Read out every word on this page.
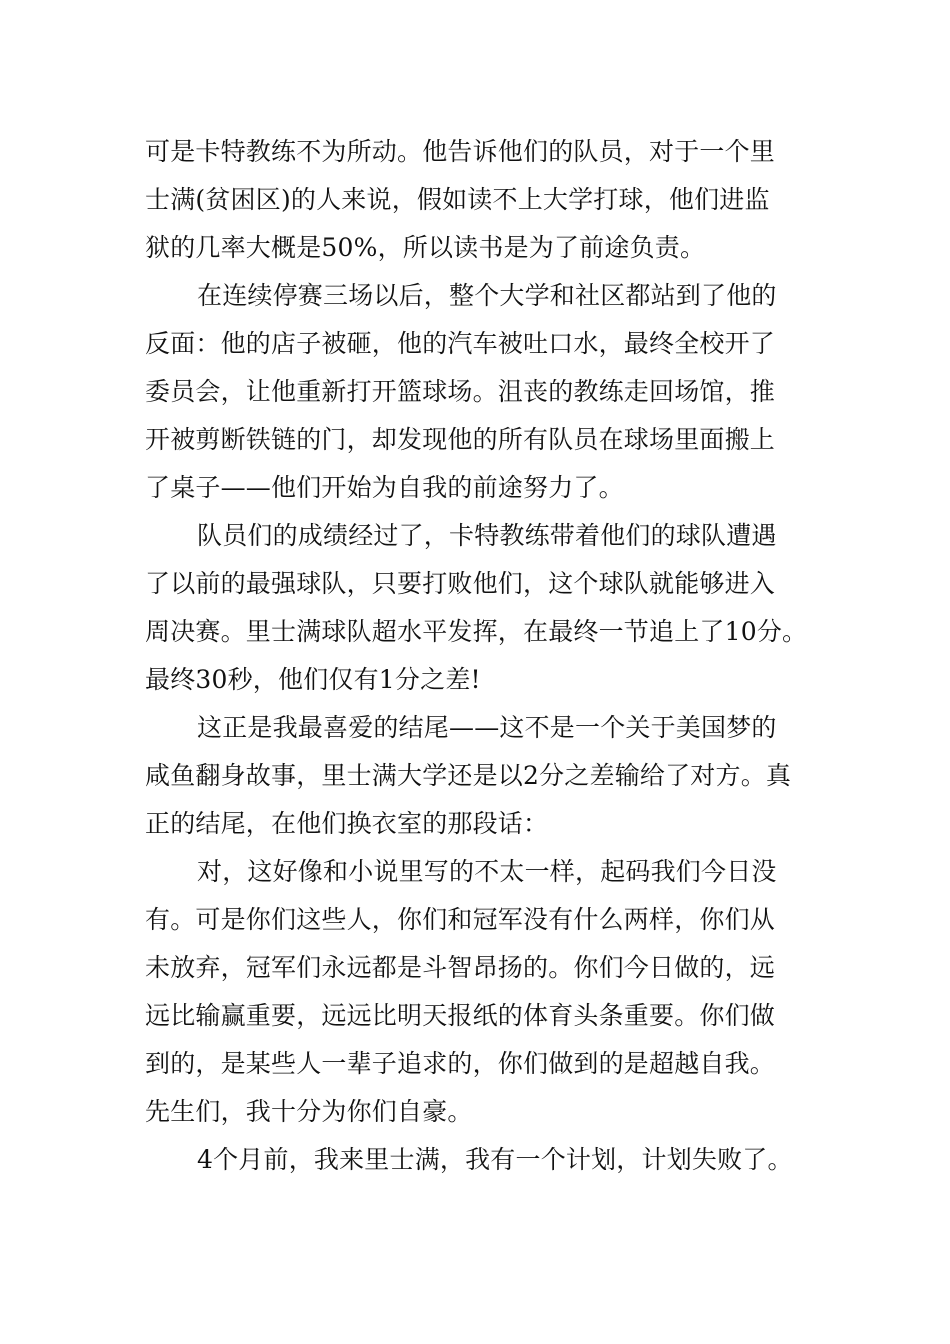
可是卡特教练不为所动。他告诉他们的队员，对于一个里
士满(贫困区)的人来说，假如读不上大学打球，他们进监
狱的几率大概是50%，所以读书是为了前途负责。
在连续停赛三场以后，整个大学和社区都站到了他的
反面：他的店子被砸，他的汽车被吐口水，最终全校开了
委员会，让他重新打开篮球场。沮丧的教练走回场馆，推
开被剪断铁链的门，却发现他的所有队员在球场里面搬上
了桌子——他们开始为自我的前途努力了。
队员们的成绩经过了，卡特教练带着他们的球队遭遇
了以前的最强球队，只要打败他们，这个球队就能够进入
周决赛。里士满球队超水平发挥，在最终一节追上了10分。
最终30秒，他们仅有1分之差!
这正是我最喜爱的结尾——这不是一个关于美国梦的
咸鱼翻身故事，里士满大学还是以2分之差输给了对方。真
正的结尾，在他们换衣室的那段话：
对，这好像和小说里写的不太一样，起码我们今日没
有。可是你们这些人，你们和冠军没有什么两样，你们从
未放弃，冠军们永远都是斗智昂扬的。你们今日做的，远
远比输赢重要，远远比明天报纸的体育头条重要。你们做
到的，是某些人一辈子追求的，你们做到的是超越自我。
先生们，我十分为你们自豪。
4个月前，我来里士满，我有一个计划，计划失败了。
